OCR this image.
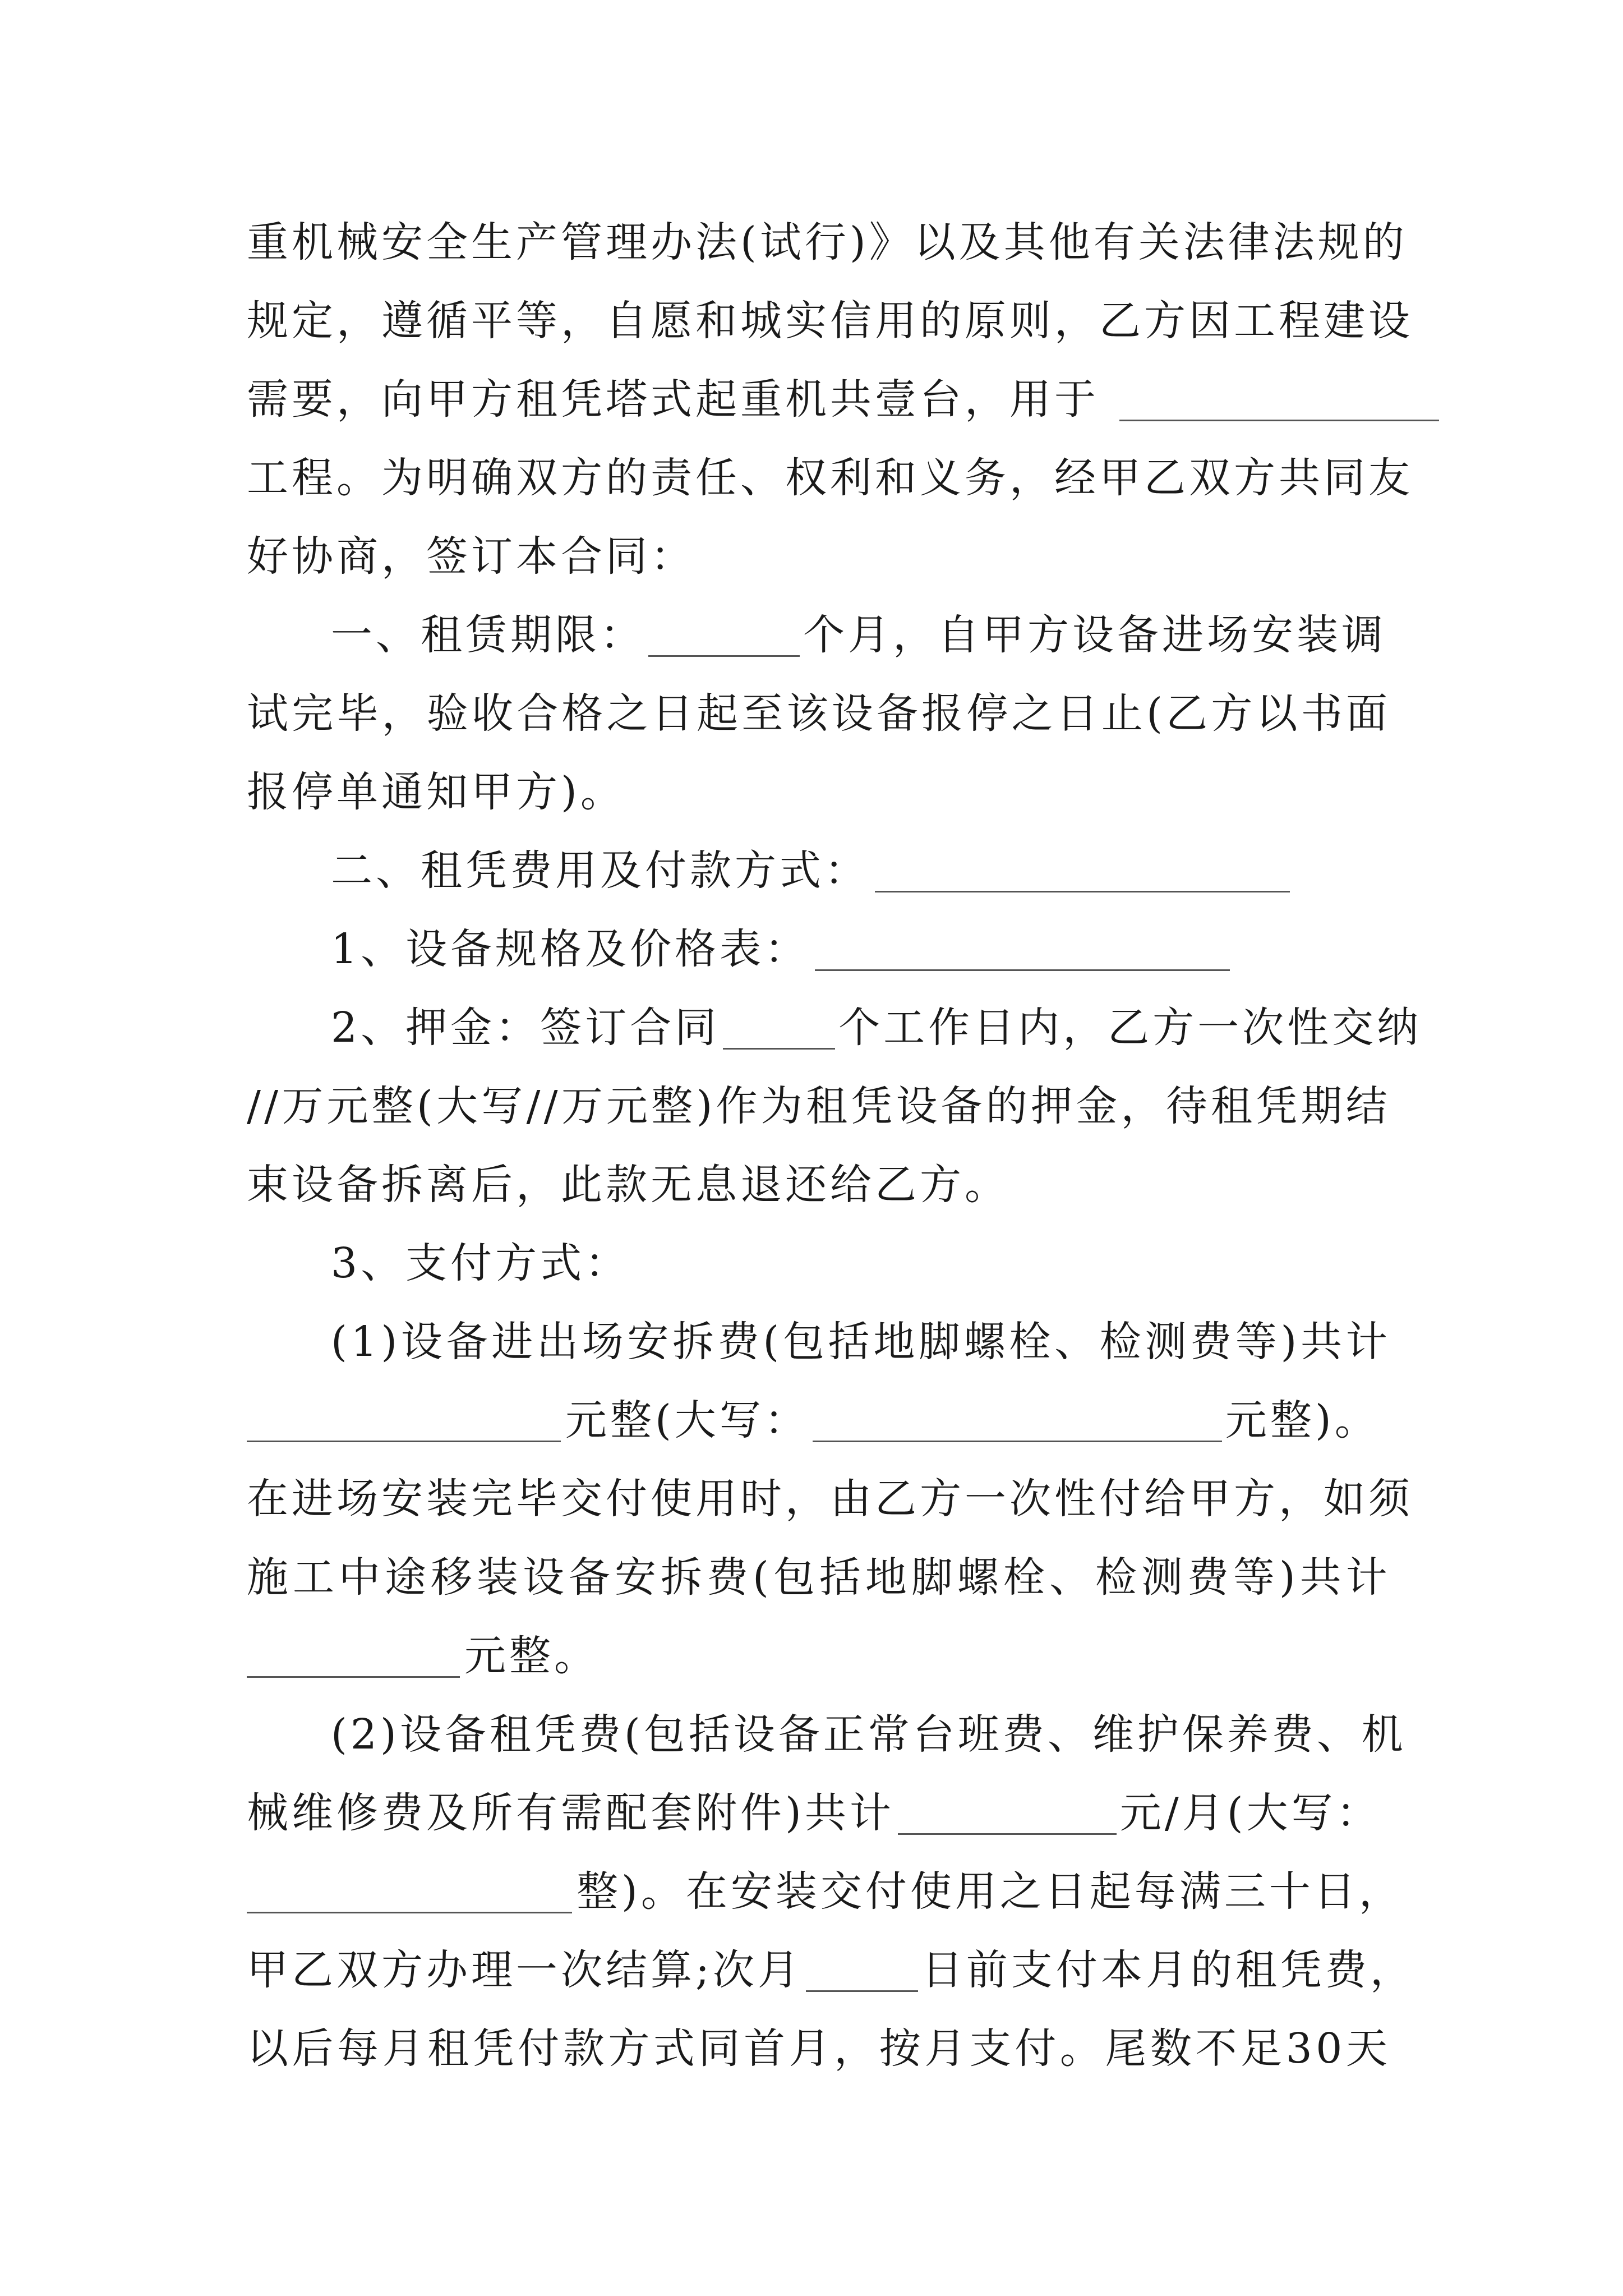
重 机 械 安 全 生 产 管 理 办 法 ( 试 行 ) 》 以 及 其 他 有 关 法 律 法 规 的
规 定 ， 遵 循 平 等 ， 自 愿 和 城 实 信 用 的 原 则 ， 乙 方 因 工 程 建 设
需要，向甲方租凭塔式起重机共壹台，用于
工 程 。 为 明 确 双 方 的 责 任 、 权 利 和 义 务 ， 经 甲 乙 双 方 共 同 友
好协商，签订本合同：
一、租赁期限：	个月，自甲方设备进场安装调
试 完 毕 ， 验 收 合 格 之 日 起 至 该 设 备 报 停 之 日 止 ( 乙 方 以 书 面
报停单通知甲方)。
二、租凭费用及付款方式：
1、设备规格及价格表：
2、押金：签订合同	个工作日内，乙方一次性交纳
/ / 万 元 整 ( 大 写 / / 万 元 整 ) 作 为 租 凭 设 备 的 押 金 ， 待 租 凭 期 结
束设备拆离后，此款无息退还给乙方。
3、支付方式：
( 1 ) 设 备 进 出 场 安 拆 费 ( 包 括 地 脚 螺 栓 、 检 测 费 等 ) 共 计
元整(大写：	元整)。
在 进 场 安 装 完 毕 交 付 使 用 时 ， 由 乙 方 一 次 性 付 给 甲 方 ， 如 须
施 工 中 途 移 装 设 备 安 拆 费 ( 包 括 地 脚 螺 栓 、 检 测 费 等 ) 共 计
元整。
( 2 ) 设 备 租 凭 费 ( 包 括 设 备 正 常 台 班 费 、 维 护 保 养 费 、 机
械维修费及所有需配套附件)共计	元/月(大写：
整)。在安装交付使用之日起每满三十日，
甲乙双方办理一次结算;次月	日前支付本月的租凭费，
以 后 每 月 租 凭 付 款 方 式 同 首 月 ， 按 月 支 付 。 尾 数 不 足 3 0 天
